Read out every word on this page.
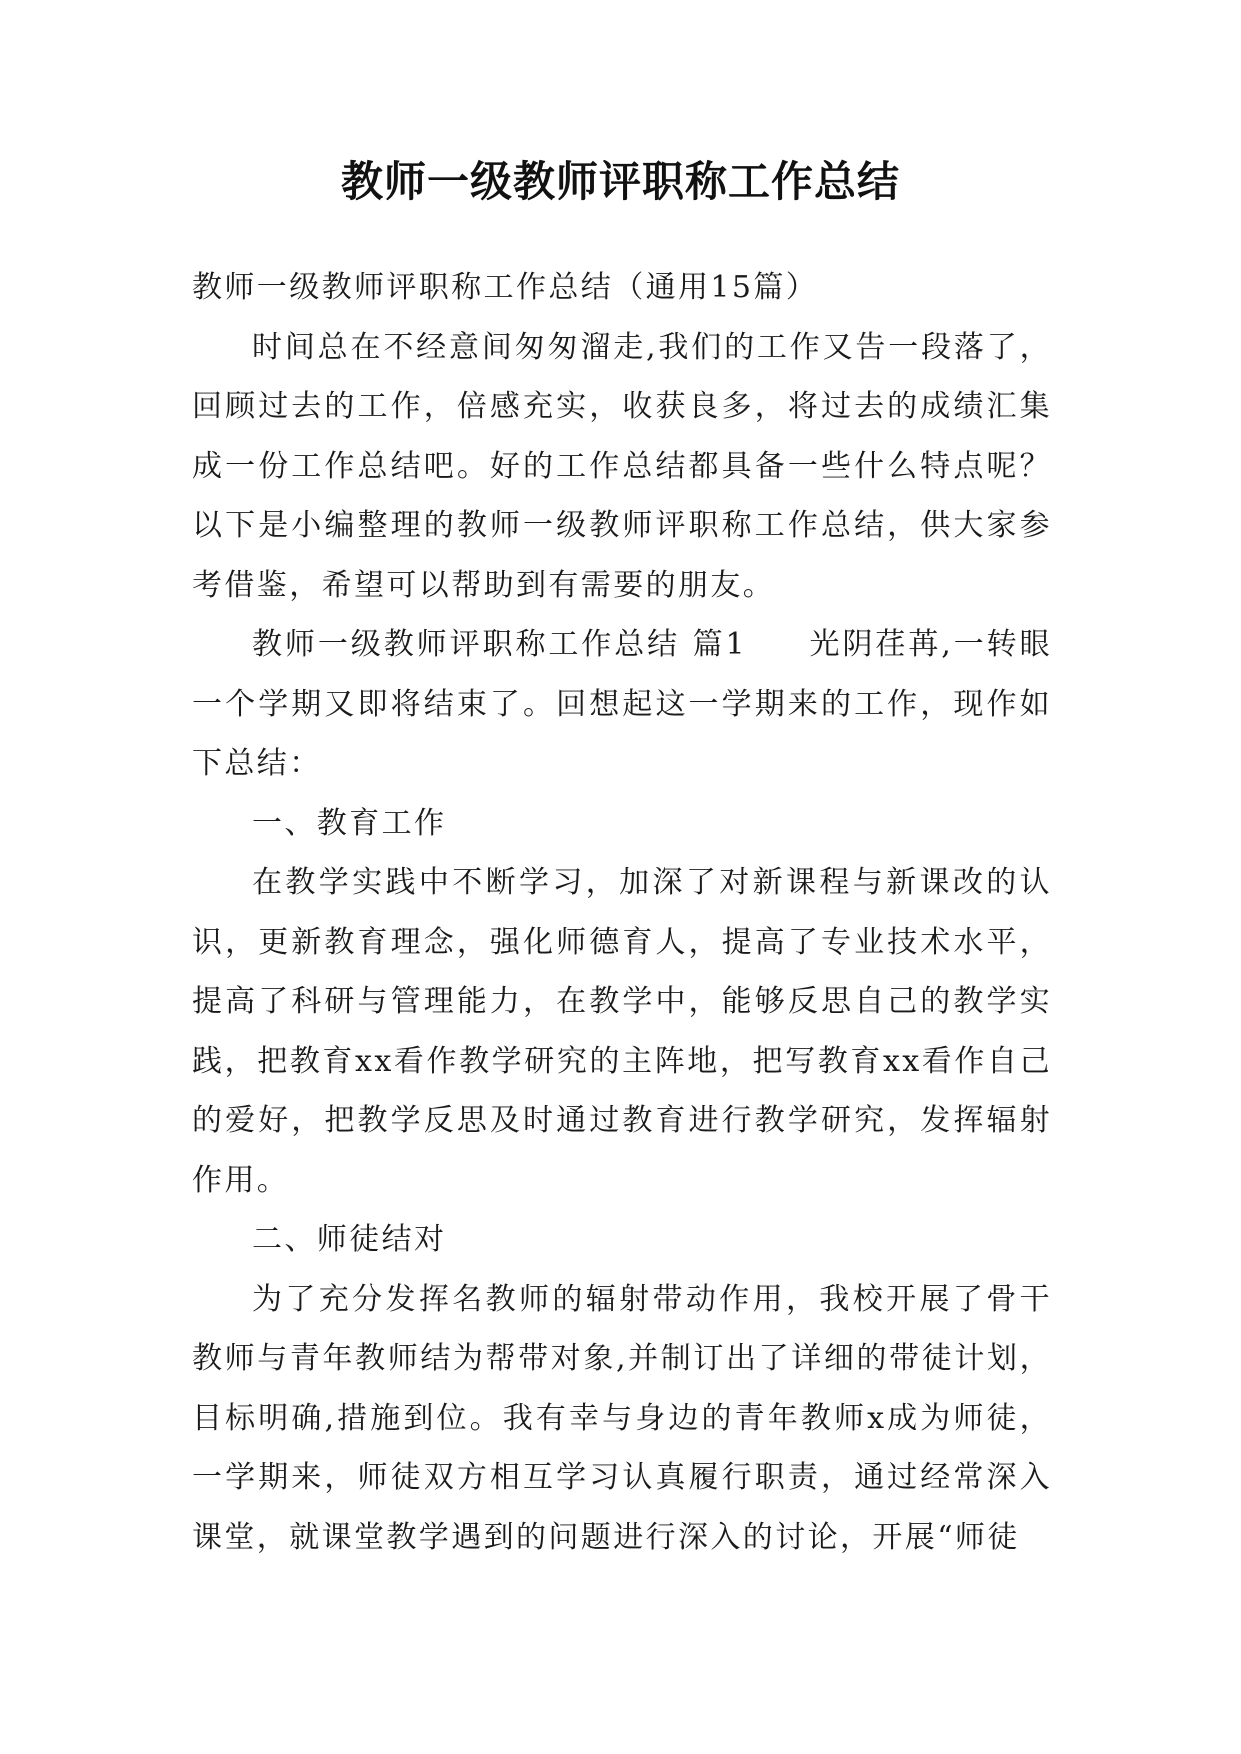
教师一级教师评职称工作总结

教师一级教师评职称工作总结（通用15篇）

时间总在不经意间匆匆溜走,我们的工作又告一段落了，回顾过去的工作，倍感充实，收获良多，将过去的成绩汇集成一份工作总结吧。好的工作总结都具备一些什么特点呢？以下是小编整理的教师一级教师评职称工作总结，供大家参考借鉴，希望可以帮助到有需要的朋友。

教师一级教师评职称工作总结 篇1 光阴荏苒,一转眼一个学期又即将结束了。回想起这一学期来的工作，现作如下总结：

一、教育工作

在教学实践中不断学习，加深了对新课程与新课改的认识，更新教育理念，强化师德育人，提高了专业技术水平，提高了科研与管理能力，在教学中，能够反思自己的教学实践，把教育xx看作教学研究的主阵地，把写教育xx看作自己的爱好，把教学反思及时通过教育进行教学研究，发挥辐射作用。

二、师徒结对

为了充分发挥名教师的辐射带动作用，我校开展了骨干教师与青年教师结为帮带对象,并制订出了详细的带徒计划，目标明确,措施到位。我有幸与身边的青年教师x成为师徒，一学期来，师徒双方相互学习认真履行职责，通过经常深入课堂，就课堂教学遇到的问题进行深入的讨论，开展“师徒
